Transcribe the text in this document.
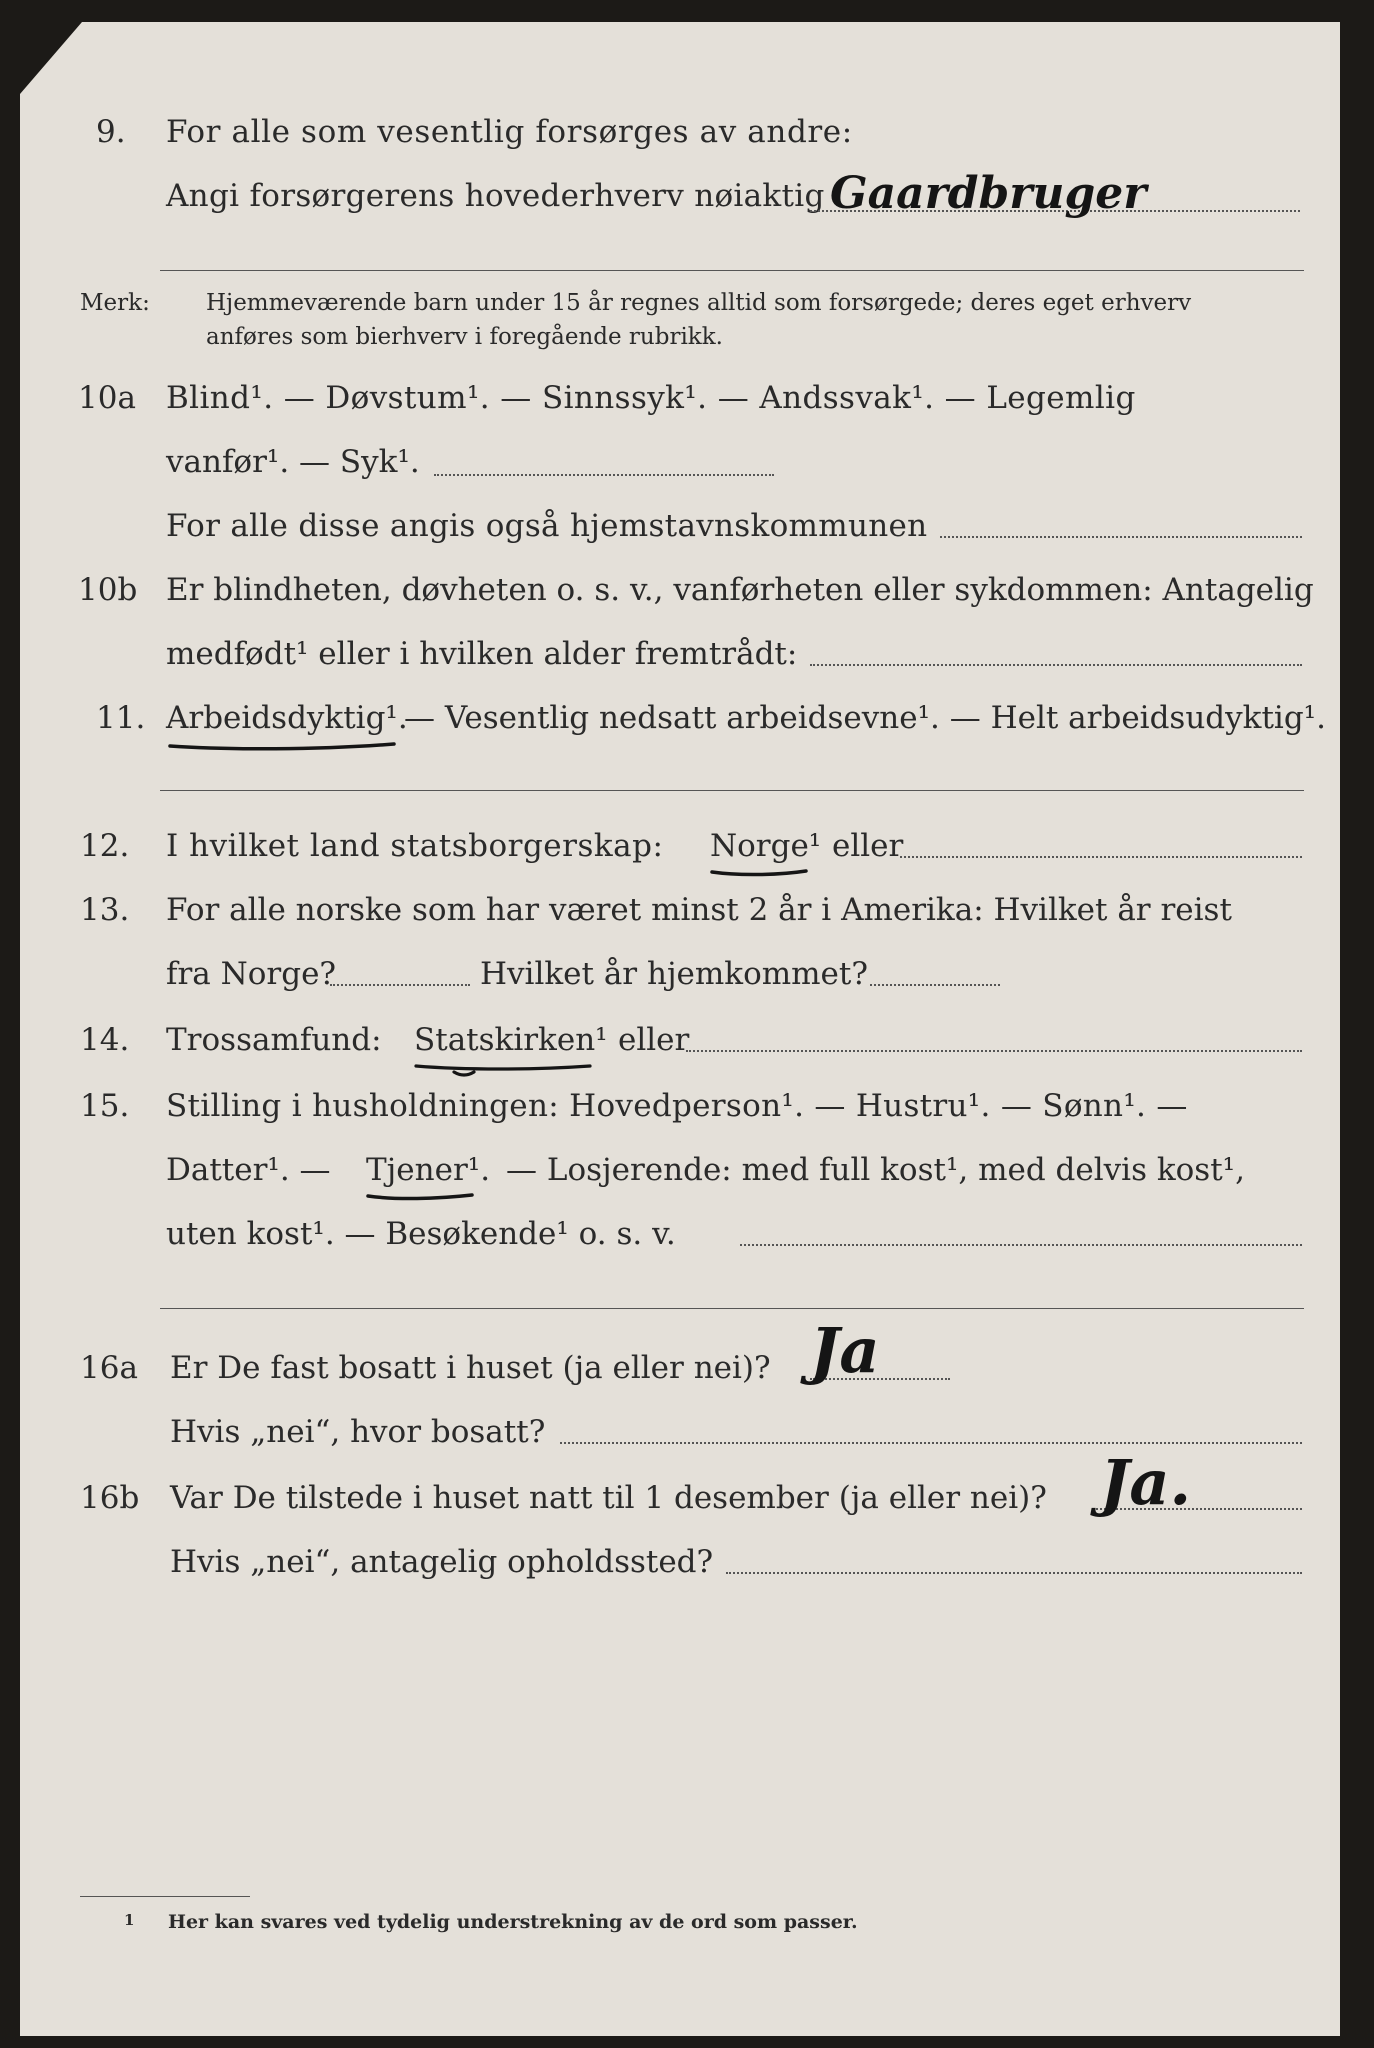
9. For alle som vesentlig forsørges av andre:
Angi forsørgerens hovederhverv nøiaktig Gaardbruger
Merk: Hjemmeværende barn under 15 år regnes alltid som forsørgede; deres eget erhverv
anføres som bierhverv i foregående rubrikk.
10a Blind¹. — Døvstum¹. — Sinnssyk¹. — Andssvak¹. — Legemlig
vanfør¹. — Syk¹.
For alle disse angis også hjemstavnskommunen
10b Er blindheten, døvheten o. s. v., vanførheten eller sykdommen: Antagelig
medfødt¹ eller i hvilken alder fremtrådt:
11. Arbeidsdyktig¹.
— Vesentlig nedsatt arbeidsevne¹. — Helt arbeidsudyktig¹.
12. I hvilket land statsborgerskap: Norge¹ eller
13. For alle norske som har været minst 2 år i Amerika: Hvilket år reist
fra Norge?	Hvilket år hjemkommet?
14. Trossamfund: Statskirken¹ eller
15. Stilling i husholdningen: Hovedperson¹. — Hustru¹. — Sønn¹. —
Datter¹. — Tjener¹. — Losjerende: med full kost¹, med delvis kost¹,
uten kost¹. — Besøkende¹ o. s. v.
16a Er De fast bosatt i huset (ja eller nei)? Ja
Hvis „nei“, hvor bosatt?
16b Var De tilstede i huset natt til 1 desember (ja eller nei)? Ja.
Hvis „nei“, antagelig opholdssted?
1 Her kan svares ved tydelig understrekning av de ord som passer.
